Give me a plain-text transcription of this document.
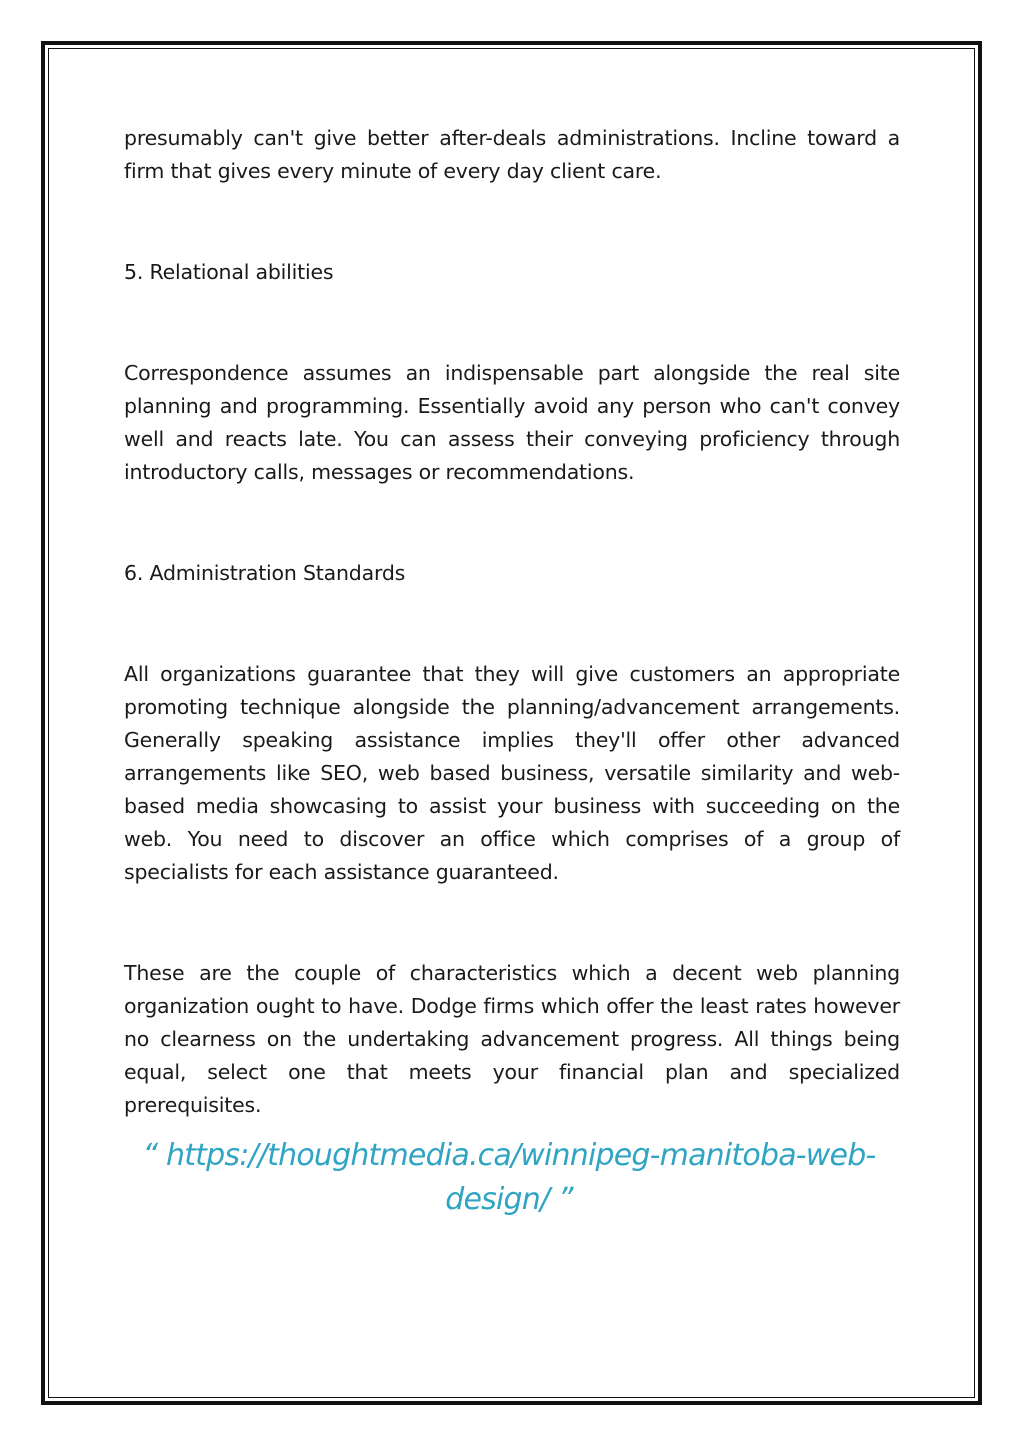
presumably can't give better after-deals administrations. Incline toward a firm that gives every minute of every day client care.

5. Relational abilities

Correspondence assumes an indispensable part alongside the real site planning and programming. Essentially avoid any person who can't convey well and reacts late. You can assess their conveying proficiency through introductory calls, messages or recommendations.

6. Administration Standards

All organizations guarantee that they will give customers an appropriate promoting technique alongside the planning/advancement arrangements. Generally speaking assistance implies they'll offer other advanced arrangements like SEO, web based business, versatile similarity and web-based media showcasing to assist your business with succeeding on the web. You need to discover an office which comprises of a group of specialists for each assistance guaranteed.

These are the couple of characteristics which a decent web planning organization ought to have. Dodge firms which offer the least rates however no clearness on the undertaking advancement progress. All things being equal, select one that meets your financial plan and specialized prerequisites.

“ https://thoughtmedia.ca/winnipeg-manitoba-web-design/ ”
